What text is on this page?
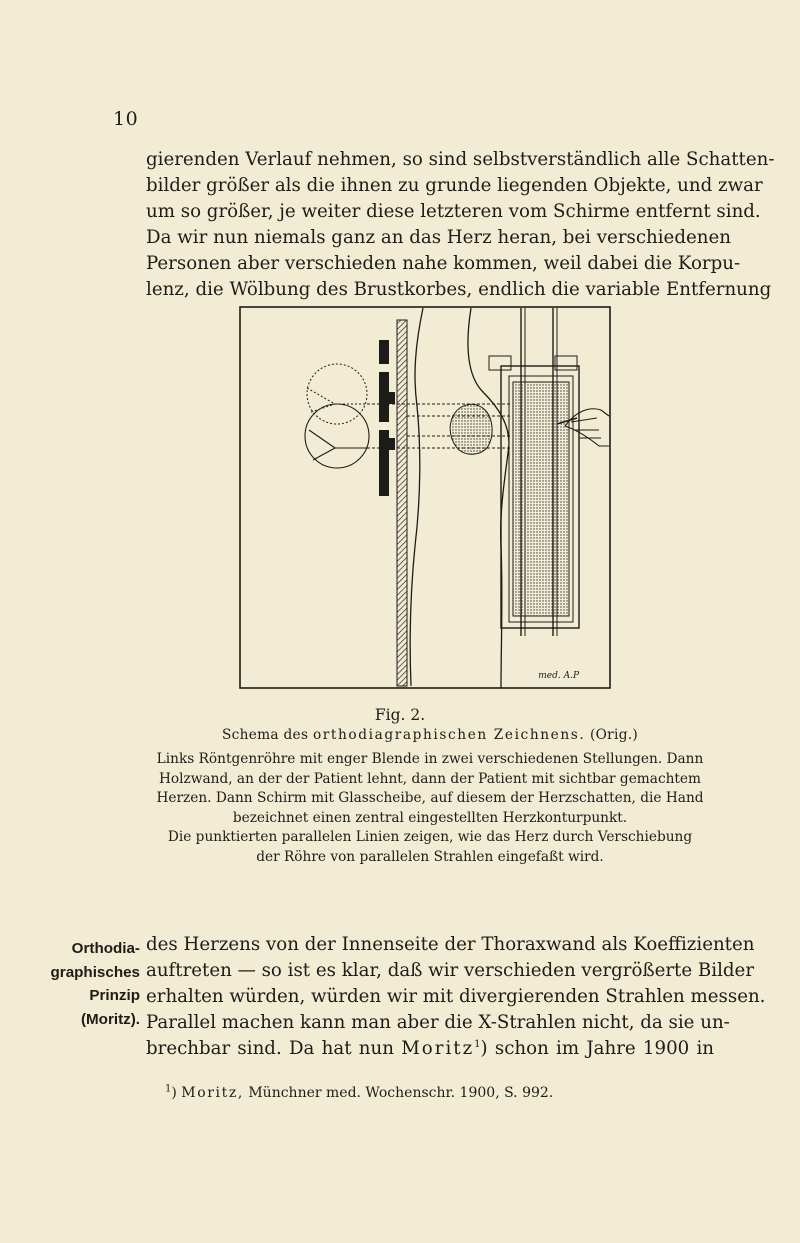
10
gierenden Verlauf nehmen, so sind selbstverständlich alle Schatten-
bilder größer als die ihnen zu grunde liegenden Objekte, und zwar
um so größer, je weiter diese letzteren vom Schirme entfernt sind.
Da wir nun niemals ganz an das Herz heran, bei verschiedenen
Personen aber verschieden nahe kommen, weil dabei die Korpu-
lenz, die Wölbung des Brustkorbes, endlich die variable Entfernung
med. A.P
Fig. 2.
Schema des orthodiagraphischen Zeichnens. (Orig.)
Links Röntgenröhre mit enger Blende in zwei verschiedenen Stellungen. Dann
Holzwand, an der der Patient lehnt, dann der Patient mit sichtbar gemachtem
Herzen. Dann Schirm mit Glasscheibe, auf diesem der Herzschatten, die Hand
bezeichnet einen zentral eingestellten Herzkonturpunkt.
Die punktierten parallelen Linien zeigen, wie das Herz durch Verschiebung
der Röhre von parallelen Strahlen eingefaßt wird.
Orthodia-
graphisches
Prinzip
(Moritz).
des Herzens von der Innenseite der Thoraxwand als Koeffizienten
auftreten — so ist es klar, daß wir verschieden vergrößerte Bilder
erhalten würden, würden wir mit divergierenden Strahlen messen.
Parallel machen kann man aber die X-Strahlen nicht, da sie un-
brechbar sind. Da hat nun Moritz$^1$) schon im Jahre 1900 in
$^1$) Moritz, Münchner med. Wochenschr. 1900, S. 992.
